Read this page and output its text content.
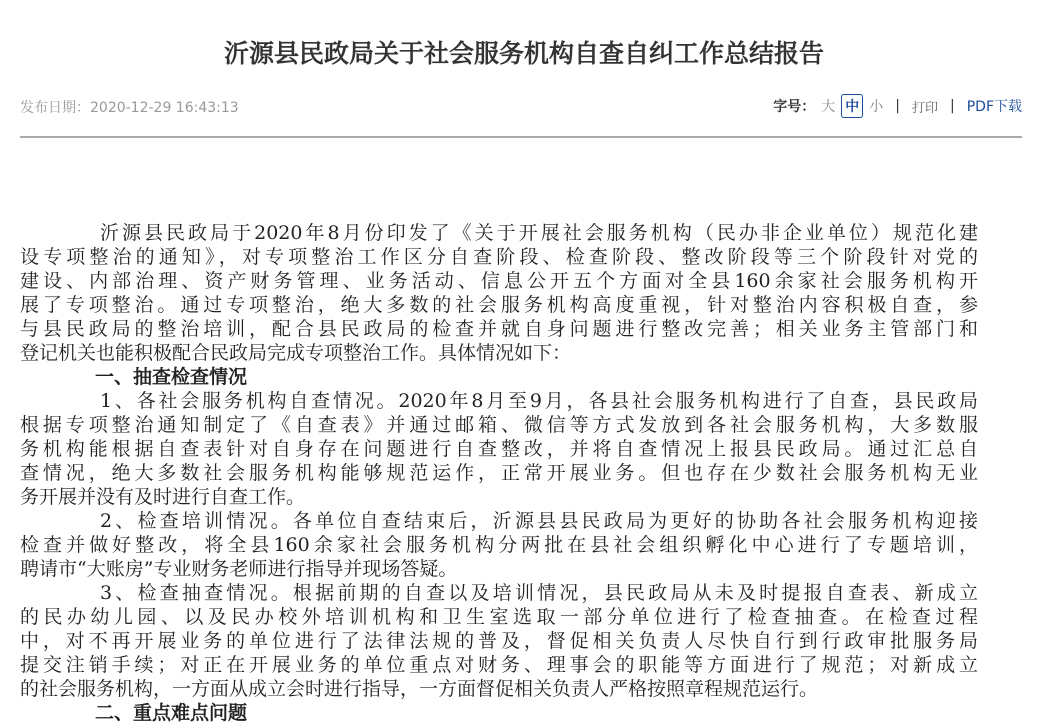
沂源县民政局关于社会服务机构自查自纠工作总结报告
发布日期：2020-12-29 16:43:13	字号： 大 中 小 | 打印 | PDF下载
沂源县民政局于2020年8月份印发了《关于开展社会服务机构（民办非企业单位）规范化建
设专项整治的通知》，对专项整治工作区分自查阶段、检查阶段、整改阶段等三个阶段针对党的
建设、内部治理、资产财务管理、业务活动、信息公开五个方面对全县160余家社会服务机构开
展了专项整治。通过专项整治，绝大多数的社会服务机构高度重视，针对整治内容积极自查，参
与县民政局的整治培训，配合县民政局的检查并就自身问题进行整改完善；相关业务主管部门和
登记机关也能积极配合民政局完成专项整治工作。具体情况如下：
一、抽查检查情况
1、各社会服务机构自查情况。2020年8月至9月，各县社会服务机构进行了自查，县民政局
根据专项整治通知制定了《自查表》并通过邮箱、微信等方式发放到各社会服务机构，大多数服
务机构能根据自查表针对自身存在问题进行自查整改，并将自查情况上报县民政局。通过汇总自
查情况，绝大多数社会服务机构能够规范运作，正常开展业务。但也存在少数社会服务机构无业
务开展并没有及时进行自查工作。
2、检查培训情况。各单位自查结束后，沂源县县民政局为更好的协助各社会服务机构迎接
检查并做好整改，将全县160余家社会服务机构分两批在县社会组织孵化中心进行了专题培训，
聘请市“大账房”专业财务老师进行指导并现场答疑。
3、检查抽查情况。根据前期的自查以及培训情况，县民政局从未及时提报自查表、新成立
的民办幼儿园、以及民办校外培训机构和卫生室选取一部分单位进行了检查抽查。在检查过程
中，对不再开展业务的单位进行了法律法规的普及，督促相关负责人尽快自行到行政审批服务局
提交注销手续；对正在开展业务的单位重点对财务、理事会的职能等方面进行了规范；对新成立
的社会服务机构，一方面从成立会时进行指导，一方面督促相关负责人严格按照章程规范运行。
二、重点难点问题
